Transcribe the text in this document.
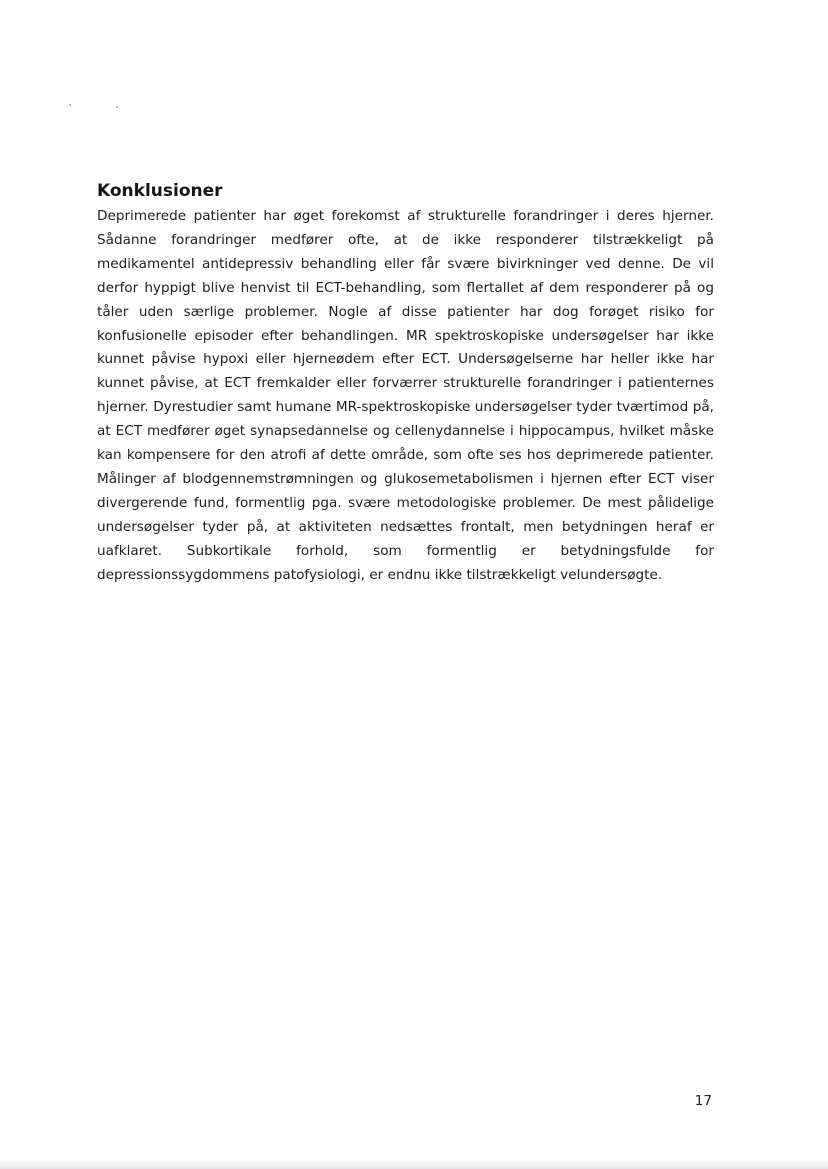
Konklusioner

Deprimerede patienter har øget forekomst af strukturelle forandringer i deres hjerner. Sådanne forandringer medfører ofte, at de ikke responderer tilstrækkeligt på medikamentel antidepressiv behandling eller får svære bivirkninger ved denne. De vil derfor hyppigt blive henvist til ECT-behandling, som flertallet af dem responderer på og tåler uden særlige problemer. Nogle af disse patienter har dog forøget risiko for konfusionelle episoder efter behandlingen. MR spektroskopiske undersøgelser har ikke kunnet påvise hypoxi eller hjerneødem efter ECT. Undersøgelserne har heller ikke har kunnet påvise, at ECT fremkalder eller forværrer strukturelle forandringer i patienternes hjerner. Dyrestudier samt humane MR-spektroskopiske undersøgelser tyder tværtimod på, at ECT medfører øget synapsedannelse og cellenydannelse i hippocampus, hvilket måske kan kompensere for den atrofi af dette område, som ofte ses hos deprimerede patienter. Målinger af blodgennemstrømningen og glukosemetabolismen i hjernen efter ECT viser divergerende fund, formentlig pga. svære metodologiske problemer. De mest pålidelige undersøgelser tyder på, at aktiviteten nedsættes frontalt, men betydningen heraf er uafklaret. Subkortikale forhold, som formentlig er betydningsfulde for depressionssygdommens patofysiologi, er endnu ikke tilstrækkeligt velundersøgte.

17
